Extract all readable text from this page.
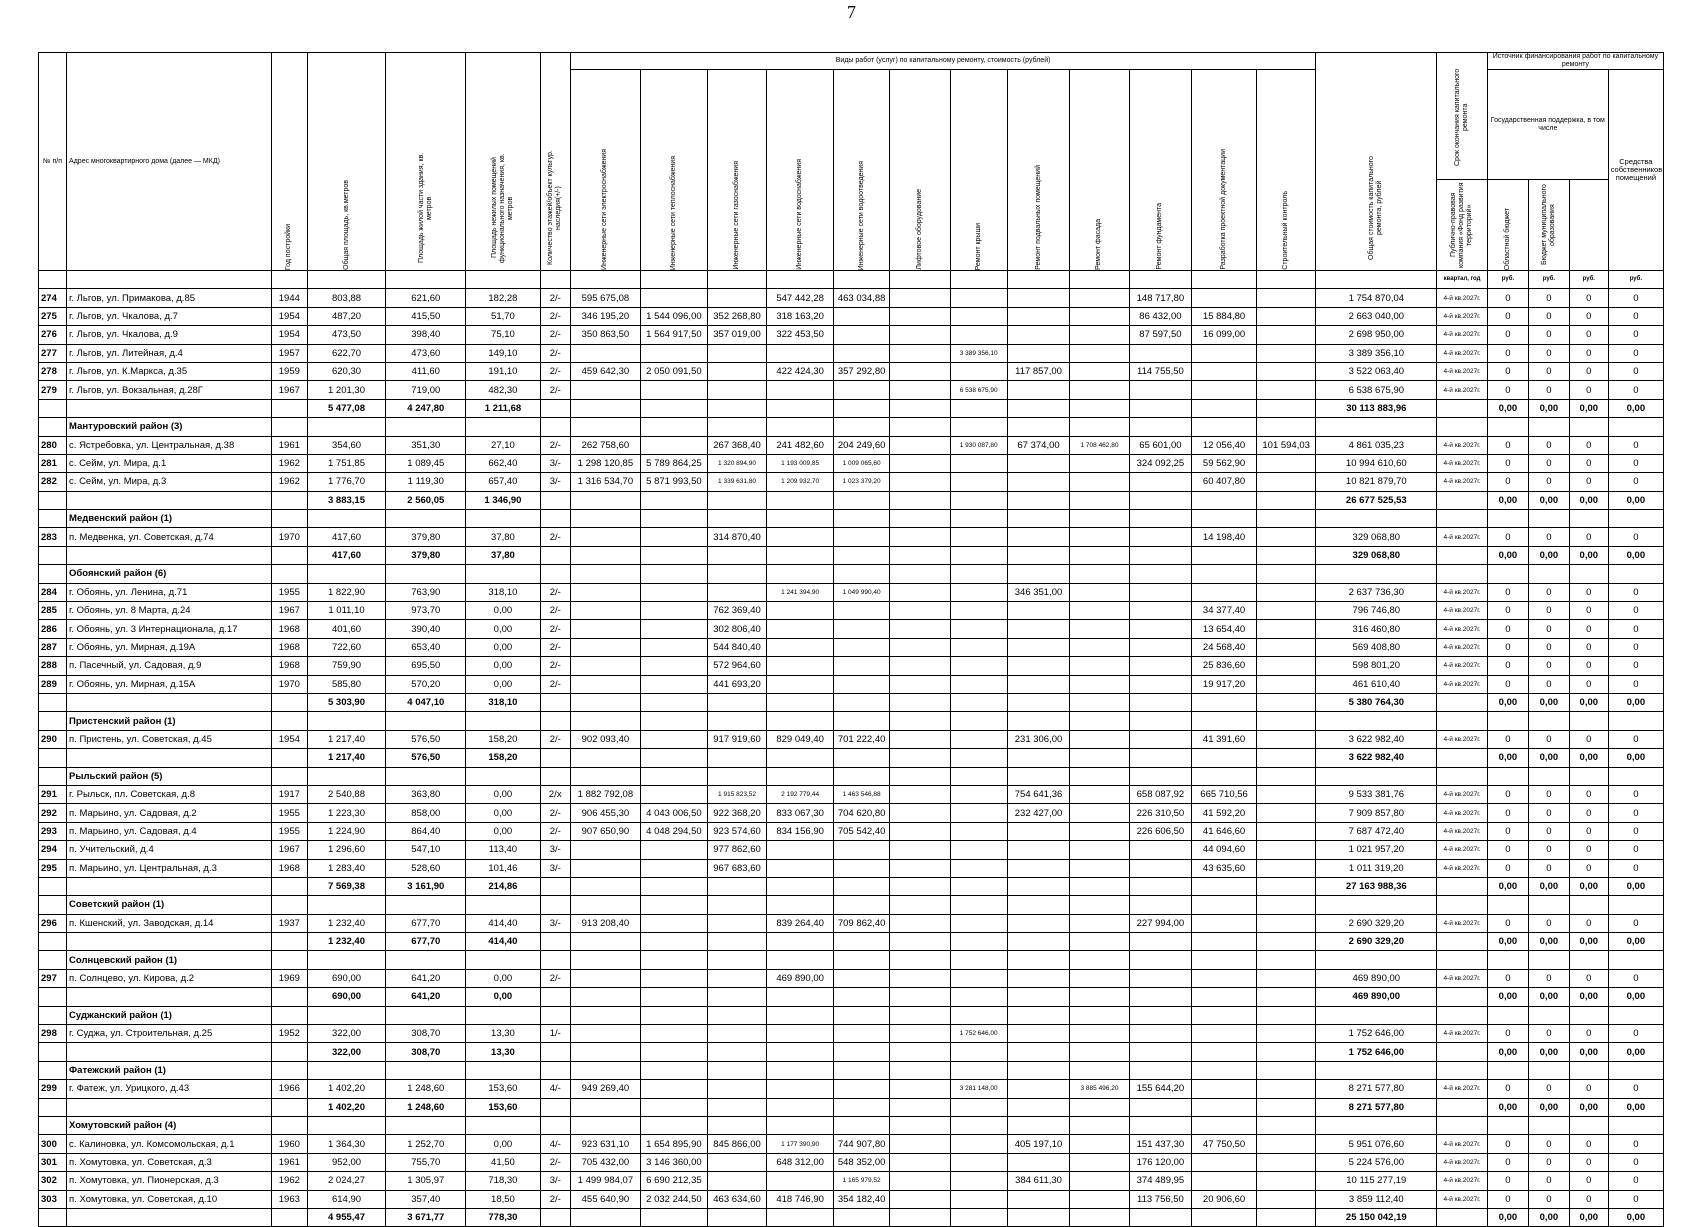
7
№ п/п	Адрес многоквартирного дома (далее — МКД)	Год постройки	Общая площадь, кв.метров	Площадь жилой части здания, кв. метров	Площадь нежилых помещений функционального назначения, кв. метров	Количество этажей/объект культур. наследия(+/-)	Виды работ (услуг) по капитальному ремонту, стоимость (рублей)												Общая стоимость капитального ремонта, рублей	Срок окончания капитального ремонта	Источник финансирования работ по капитальному ремонту			

							Инженерные сети электроснабжения	Инженерные сети теплоснабжения	Инженерные сети газоснабжения	Инженерные сети водоснабжения	Инженерные сети водоотведения	Лифтовое оборудование	Ремонт крыши	Ремонт подвальных помещений	Ремонт фасада	Ремонт фундамента	Разработка проектной документации	Строительный контроль			Государственная поддержка, в том числе			Средства собственников помещений

																				Публично-правовая компания «Фонд развития территорий»	Областной бюджет	Бюджет муниципального образования		

																				квартал, год	руб.	руб.	руб.	руб.
274	г. Льгов, ул. Примакова, д.85	1944	803,88	621,60	182,28	2/-	595 675,08			547 442,28	463 034,88					148 717,80			1 754 870,04	4-й кв.2027г.	0	0	0	0
275	г. Льгов, ул. Чкалова, д.7	1954	487,20	415,50	51,70	2/-	346 195,20	1 544 096,00	352 268,80	318 163,20						86 432,00	15 884,80		2 663 040,00	4-й кв.2027г.	0	0	0	0
276	г. Льгов, ул. Чкалова, д.9	1954	473,50	398,40	75,10	2/-	350 863,50	1 564 917,50	357 019,00	322 453,50						87 597,50	16 099,00		2 698 950,00	4-й кв.2027г.	0	0	0	0
277	г. Льгов, ул. Литейная, д.4	1957	622,70	473,60	149,10	2/-							3 389 356,10						3 389 356,10	4-й кв.2027г.	0	0	0	0
278	г. Льгов, ул. К.Маркса, д.35	1959	620,30	411,60	191,10	2/-	459 642,30	2 050 091,50		422 424,30	357 292,80			117 857,00		114 755,50			3 522 063,40	4-й кв.2027г.	0	0	0	0
279	г. Льгов, ул. Вокзальная, д.28Г	1967	1 201,30	719,00	482,30	2/-							6 538 675,90						6 538 675,90	4-й кв.2027г.	0	0	0	0
			5 477,08	4 247,80	1 211,68														30 113 883,96		0,00	0,00	0,00	0,00
	Мантуровский район (3)																							
280	с. Ястребовка, ул. Центральная, д.38	1961	354,60	351,30	27,10	2/-	262 758,60		267 368,40	241 482,60	204 249,60		1 930 087,80	67 374,00	1 708 462,80	65 601,00	12 056,40	101 594,03	4 861 035,23	4-й кв.2027г.	0	0	0	0
281	с. Сейм, ул. Мира, д.1	1962	1 751,85	1 089,45	662,40	3/-	1 298 120,85	5 789 864,25	1 320 894,90	1 193 009,85	1 009 065,60					324 092,25	59 562,90		10 994 610,60	4-й кв.2027г.	0	0	0	0
282	с. Сейм, ул. Мира, д.3	1962	1 776,70	1 119,30	657,40	3/-	1 316 534,70	5 871 993,50	1 339 631,80	1 209 932,70	1 023 379,20						60 407,80		10 821 879,70	4-й кв.2027г.	0	0	0	0
			3 883,15	2 560,05	1 346,90														26 677 525,53		0,00	0,00	0,00	0,00
	Медвенский район (1)																							
283	п. Медвенка, ул. Советская, д.74	1970	417,60	379,80	37,80	2/-			314 870,40								14 198,40		329 068,80	4-й кв.2027г.	0	0	0	0
			417,60	379,80	37,80														329 068,80		0,00	0,00	0,00	0,00
	Обоянский район (6)																							
284	г. Обоянь, ул. Ленина, д.71	1955	1 822,90	763,90	318,10	2/-				1 241 394,90	1 049 990,40			346 351,00					2 637 736,30	4-й кв.2027г.	0	0	0	0
285	г. Обоянь, ул. 8 Марта, д.24	1967	1 011,10	973,70	0,00	2/-			762 369,40								34 377,40		796 746,80	4-й кв.2027г.	0	0	0	0
286	г. Обоянь, ул. 3 Интернационала, д.17	1968	401,60	390,40	0,00	2/-			302 806,40								13 654,40		316 460,80	4-й кв.2027г.	0	0	0	0
287	г. Обоянь, ул. Мирная, д.19А	1968	722,60	653,40	0,00	2/-			544 840,40								24 568,40		569 408,80	4-й кв.2027г.	0	0	0	0
288	п. Пасечный, ул. Садовая, д.9	1968	759,90	695,50	0,00	2/-			572 964,60								25 836,60		598 801,20	4-й кв.2027г.	0	0	0	0
289	г. Обоянь, ул. Мирная, д.15А	1970	585,80	570,20	0,00	2/-			441 693,20								19 917,20		461 610,40	4-й кв.2027г.	0	0	0	0
			5 303,90	4 047,10	318,10														5 380 764,30		0,00	0,00	0,00	0,00
	Пристенский район (1)																							
290	п. Пристень, ул. Советская, д.45	1954	1 217,40	576,50	158,20	2/-	902 093,40		917 919,60	829 049,40	701 222,40			231 306,00			41 391,60		3 622 982,40	4-й кв.2027г.	0	0	0	0
			1 217,40	576,50	158,20														3 622 982,40		0,00	0,00	0,00	0,00
	Рыльский район (5)																							
291	г. Рыльск, пл. Советская, д.8	1917	2 540,88	363,80	0,00	2/х	1 882 792,08		1 915 823,52	2 192 779,44	1 463 546,88			754 641,36		658 087,92	665 710,56		9 533 381,76	4-й кв.2027г.	0	0	0	0
292	п. Марьино, ул. Садовая, д.2	1955	1 223,30	858,00	0,00	2/-	906 455,30	4 043 006,50	922 368,20	833 067,30	704 620,80			232 427,00		226 310,50	41 592,20		7 909 857,80	4-й кв.2027г.	0	0	0	0
293	п. Марьино, ул. Садовая, д.4	1955	1 224,90	864,40	0,00	2/-	907 650,90	4 048 294,50	923 574,60	834 156,90	705 542,40					226 606,50	41 646,60		7 687 472,40	4-й кв.2027г.	0	0	0	0
294	п. Учительский, д.4	1967	1 296,60	547,10	113,40	3/-			977 862,60								44 094,60		1 021 957,20	4-й кв.2027г.	0	0	0	0
295	п. Марьино, ул. Центральная, д.3	1968	1 283,40	528,60	101,46	3/-			967 683,60								43 635,60		1 011 319,20	4-й кв.2027г.	0	0	0	0
			7 569,38	3 161,90	214,86														27 163 988,36		0,00	0,00	0,00	0,00
	Советский район (1)																							
296	п. Кшенский, ул. Заводская, д.14	1937	1 232,40	677,70	414,40	3/-	913 208,40			839 264,40	709 862,40					227 994,00			2 690 329,20	4-й кв.2027г.	0	0	0	0
			1 232,40	677,70	414,40														2 690 329,20		0,00	0,00	0,00	0,00
	Солнцевский район (1)																							
297	п. Солнцево, ул. Кирова, д.2	1969	690,00	641,20	0,00	2/-				469 890,00									469 890,00	4-й кв.2027г.	0	0	0	0
			690,00	641,20	0,00														469 890,00		0,00	0,00	0,00	0,00
	Суджанский район (1)																							
298	г. Суджа, ул. Строительная, д.25	1952	322,00	308,70	13,30	1/-							1 752 646,00						1 752 646,00	4-й кв.2027г.	0	0	0	0
			322,00	308,70	13,30														1 752 646,00		0,00	0,00	0,00	0,00
	Фатежский район (1)																							
299	г. Фатеж, ул. Урицкого, д.43	1966	1 402,20	1 248,60	153,60	4/-	949 269,40						3 281 148,00		3 885 496,20	155 644,20			8 271 577,80	4-й кв.2027г.	0	0	0	0
			1 402,20	1 248,60	153,60														8 271 577,80		0,00	0,00	0,00	0,00
	Хомутовский район (4)																							
300	с. Калиновка, ул. Комсомольская, д.1	1960	1 364,30	1 252,70	0,00	4/-	923 631,10	1 654 895,90	845 866,00	1 177 390,90	744 907,80			405 197,10		151 437,30	47 750,50		5 951 076,60	4-й кв.2027г.	0	0	0	0
301	п. Хомутовка, ул. Советская, д.3	1961	952,00	755,70	41,50	2/-	705 432,00	3 146 360,00		648 312,00	548 352,00					176 120,00			5 224 576,00	4-й кв.2027г.	0	0	0	0
302	п. Хомутовка, ул. Пионерская, д.3	1962	2 024,27	1 305,97	718,30	3/-	1 499 984,07	6 690 212,35			1 165 979,52			384 611,30		374 489,95			10 115 277,19	4-й кв.2027г.	0	0	0	0
303	п. Хомутовка, ул. Советская, д.10	1963	614,90	357,40	18,50	2/-	455 640,90	2 032 244,50	463 634,60	418 746,90	354 182,40					113 756,50	20 906,60		3 859 112,40	4-й кв.2027г.	0	0	0	0
			4 955,47	3 671,77	778,30														25 150 042,19		0,00	0,00	0,00	0,00
